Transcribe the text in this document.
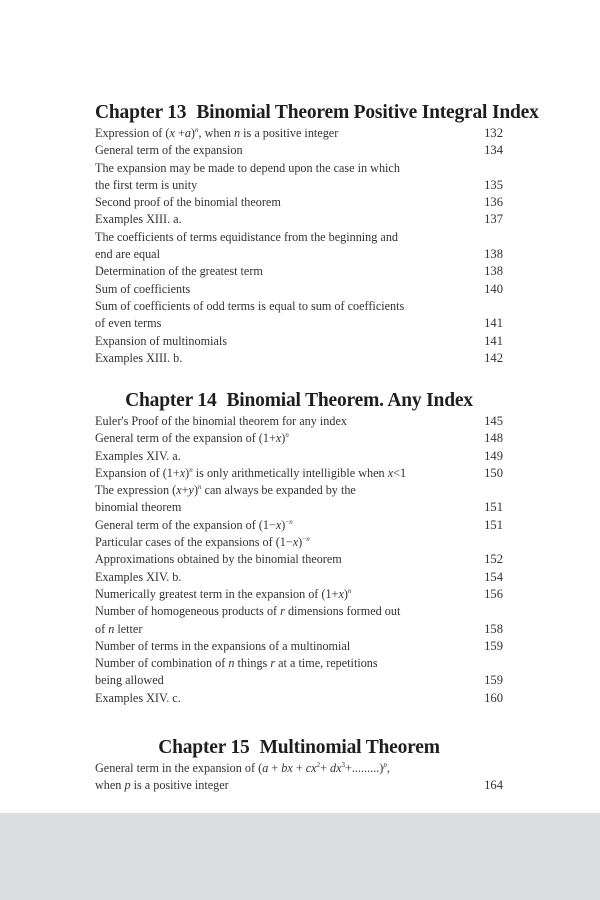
Chapter 13 Binomial Theorem Positive Integral Index
Expression of $(x +a)^n$, when n is a positive integer	132
General term of the expansion	134
The expansion may be made to depend upon the case in which
the first term is unity	135
Second proof of the binomial theorem	136
Examples XIII. a.	137
The coefficients of terms equidistance from the beginning and
end are equal	138
Determination of the greatest term	138
Sum of coefficients	140
Sum of coefficients of odd terms is equal to sum of coefficients
of even terms	141
Expansion of multinomials	141
Examples XIII. b.	142
Chapter 14 Binomial Theorem. Any Index
Euler's Proof of the binomial theorem for any index	145
General term of the expansion of $(1+x)^n$	148
Examples XIV. a.	149
Expansion of $(1+x)^n$ is only arithmetically intelligible when x<1	150
The expression $(x+y)^n$ can always be expanded by the
binomial theorem	151
General term of the expansion of $(1-x)^{-n}$	151
Particular cases of the expansions of $(1-x)^{-n}$
Approximations obtained by the binomial theorem	152
Examples XIV. b.	154
Numerically greatest term in the expansion of $(1+x)^n$	156
Number of homogeneous products of r dimensions formed out
of n letter	158
Number of terms in the expansions of a multinomial	159
Number of combination of n things r at a time, repetitions
being allowed	159
Examples XIV. c.	160
Chapter 15 Multinomial Theorem
General term in the expansion of (a + bx + $cx^2+ dx^3+.........)^p$,
when p is a positive integer	164
